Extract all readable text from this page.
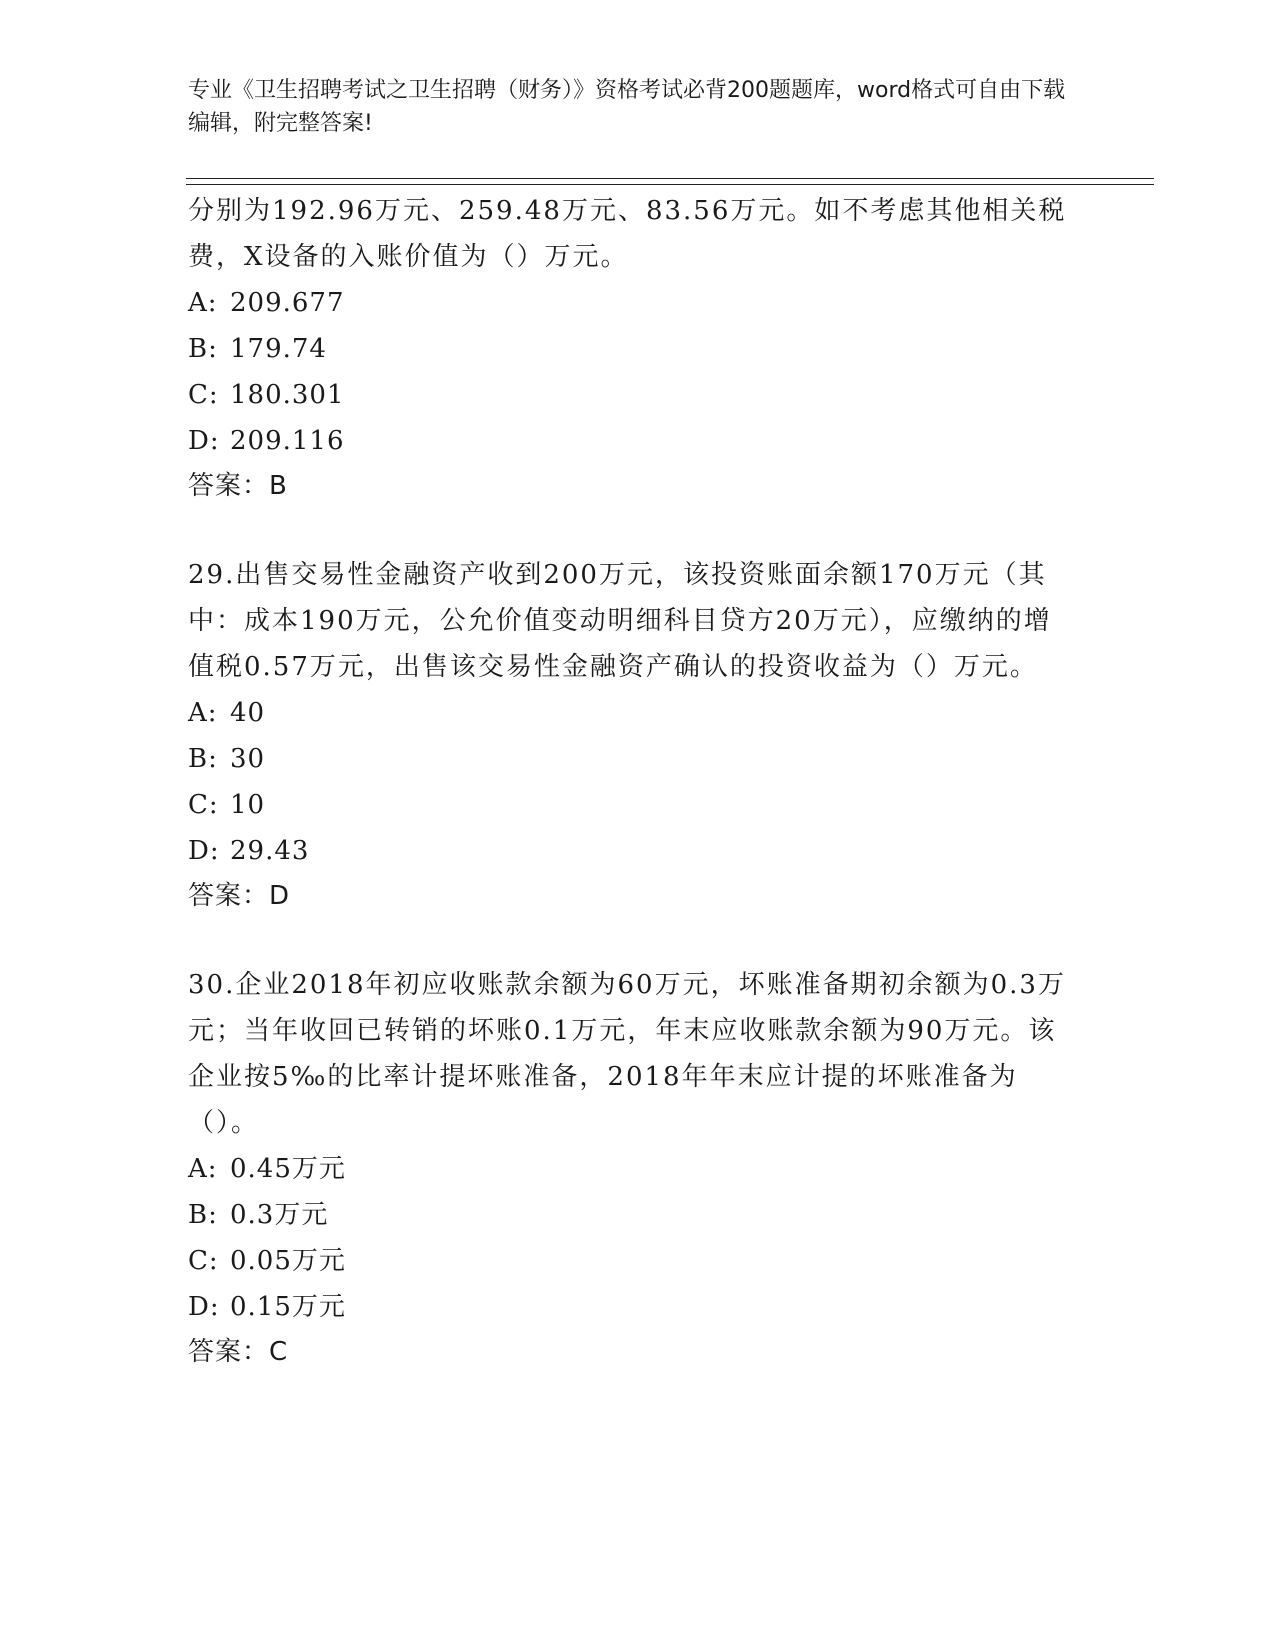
专业《卫生招聘考试之卫生招聘（财务）》资格考试必背200题题库，word格式可自由下载编辑，附完整答案!

分别为192.96万元、259.48万元、83.56万元。如不考虑其他相关税费，X设备的入账价值为（）万元。

A: 209.677
B: 179.74
C: 180.301
D: 209.116
答案：B

29.出售交易性金融资产收到200万元，该投资账面余额170万元（其中：成本190万元，公允价值变动明细科目贷方20万元），应缴纳的增值税0.57万元，出售该交易性金融资产确认的投资收益为（）万元。

A: 40
B: 30
C: 10
D: 29.43
答案：D

30.企业2018年初应收账款余额为60万元，坏账准备期初余额为0.3万元；当年收回已转销的坏账0.1万元，年末应收账款余额为90万元。该企业按5‰的比率计提坏账准备，2018年年末应计提的坏账准备为（）。

A: 0.45万元
B: 0.3万元
C: 0.05万元
D: 0.15万元
答案：C
